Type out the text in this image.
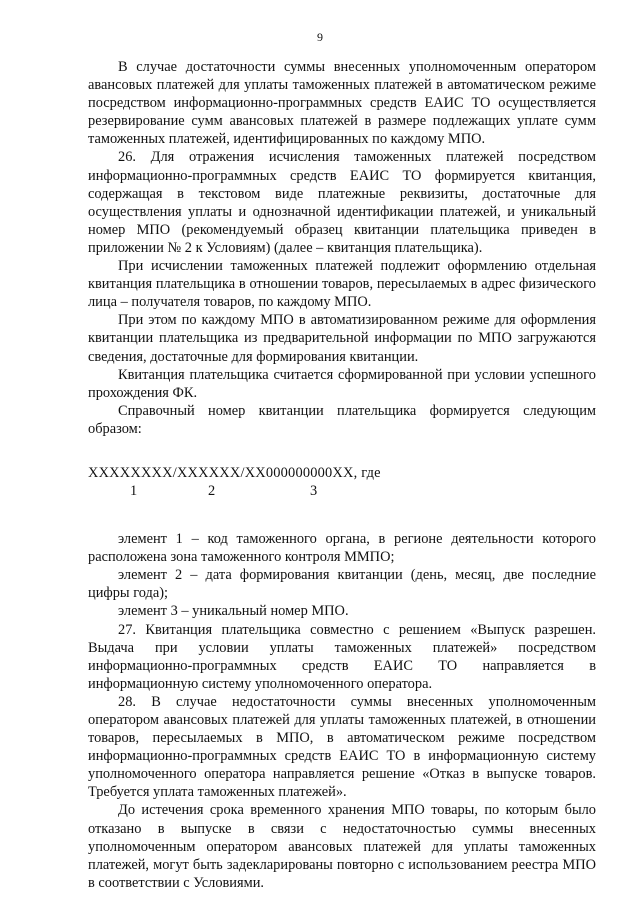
9

В случае достаточности суммы внесенных уполномоченным оператором авансовых платежей для уплаты таможенных платежей в автоматическом режиме посредством информационно-программных средств ЕАИС ТО осуществляется резервирование сумм авансовых платежей в размере подлежащих уплате сумм таможенных платежей, идентифицированных по каждому МПО.

26. Для отражения исчисления таможенных платежей посредством информационно-программных средств ЕАИС ТО формируется квитанция, содержащая в текстовом виде платежные реквизиты, достаточные для осуществления уплаты и однозначной идентификации платежей, и уникальный номер МПО (рекомендуемый образец квитанции плательщика приведен в приложении № 2 к Условиям) (далее – квитанция плательщика).

При исчислении таможенных платежей подлежит оформлению отдельная квитанция плательщика в отношении товаров, пересылаемых в адрес физического лица – получателя товаров, по каждому МПО.

При этом по каждому МПО в автоматизированном режиме для оформления квитанции плательщика из предварительной информации по МПО загружаются сведения, достаточные для формирования квитанции.

Квитанция плательщика считается сформированной при условии успешного прохождения ФК.

Справочный номер квитанции плательщика формируется следующим образом:

XXXXXXXX/XXXXXX/XX000000000XX, где
1	2	3

элемент 1 – код таможенного органа, в регионе деятельности которого расположена зона таможенного контроля ММПО;

элемент 2 – дата формирования квитанции (день, месяц, две последние цифры года);

элемент 3 – уникальный номер МПО.

27. Квитанция плательщика совместно с решением «Выпуск разрешен. Выдача при условии уплаты таможенных платежей» посредством информационно-программных средств ЕАИС ТО направляется в информационную систему уполномоченного оператора.

28. В случае недостаточности суммы внесенных уполномоченным оператором авансовых платежей для уплаты таможенных платежей, в отношении товаров, пересылаемых в МПО, в автоматическом режиме посредством информационно-программных средств ЕАИС ТО в информационную систему уполномоченного оператора направляется решение «Отказ в выпуске товаров. Требуется уплата таможенных платежей».

До истечения срока временного хранения МПО товары, по которым было отказано в выпуске в связи с недостаточностью суммы внесенных уполномоченным оператором авансовых платежей для уплаты таможенных платежей, могут быть задекларированы повторно с использованием реестра МПО в соответствии с Условиями.
